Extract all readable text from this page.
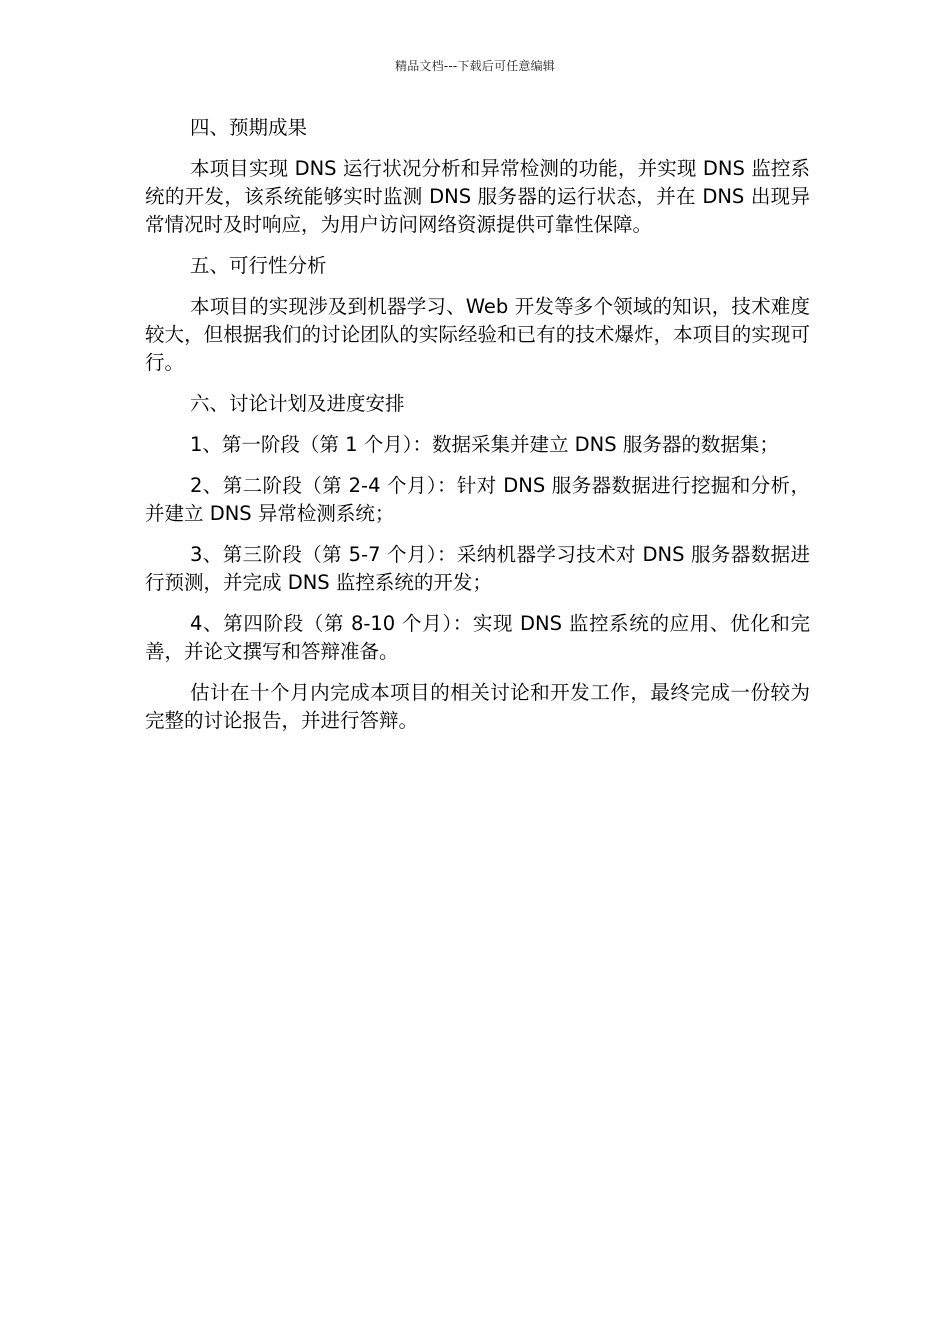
精品文档---下载后可任意编辑

四、预期成果

本项目实现 DNS 运行状况分析和异常检测的功能，并实现 DNS 监控系统的开发，该系统能够实时监测 DNS 服务器的运行状态，并在 DNS 出现异常情况时及时响应，为用户访问网络资源提供可靠性保障。

五、可行性分析

本项目的实现涉及到机器学习、Web 开发等多个领域的知识，技术难度较大，但根据我们的讨论团队的实际经验和已有的技术爆炸，本项目的实现可行。

六、讨论计划及进度安排

1、第一阶段（第 1 个月）：数据采集并建立 DNS 服务器的数据集；

2、第二阶段（第 2-4 个月）：针对 DNS 服务器数据进行挖掘和分析，并建立 DNS 异常检测系统；

3、第三阶段（第 5-7 个月）：采纳机器学习技术对 DNS 服务器数据进行预测，并完成 DNS 监控系统的开发；

4、第四阶段（第 8-10 个月）：实现 DNS 监控系统的应用、优化和完善，并论文撰写和答辩准备。

估计在十个月内完成本项目的相关讨论和开发工作，最终完成一份较为完整的讨论报告，并进行答辩。
